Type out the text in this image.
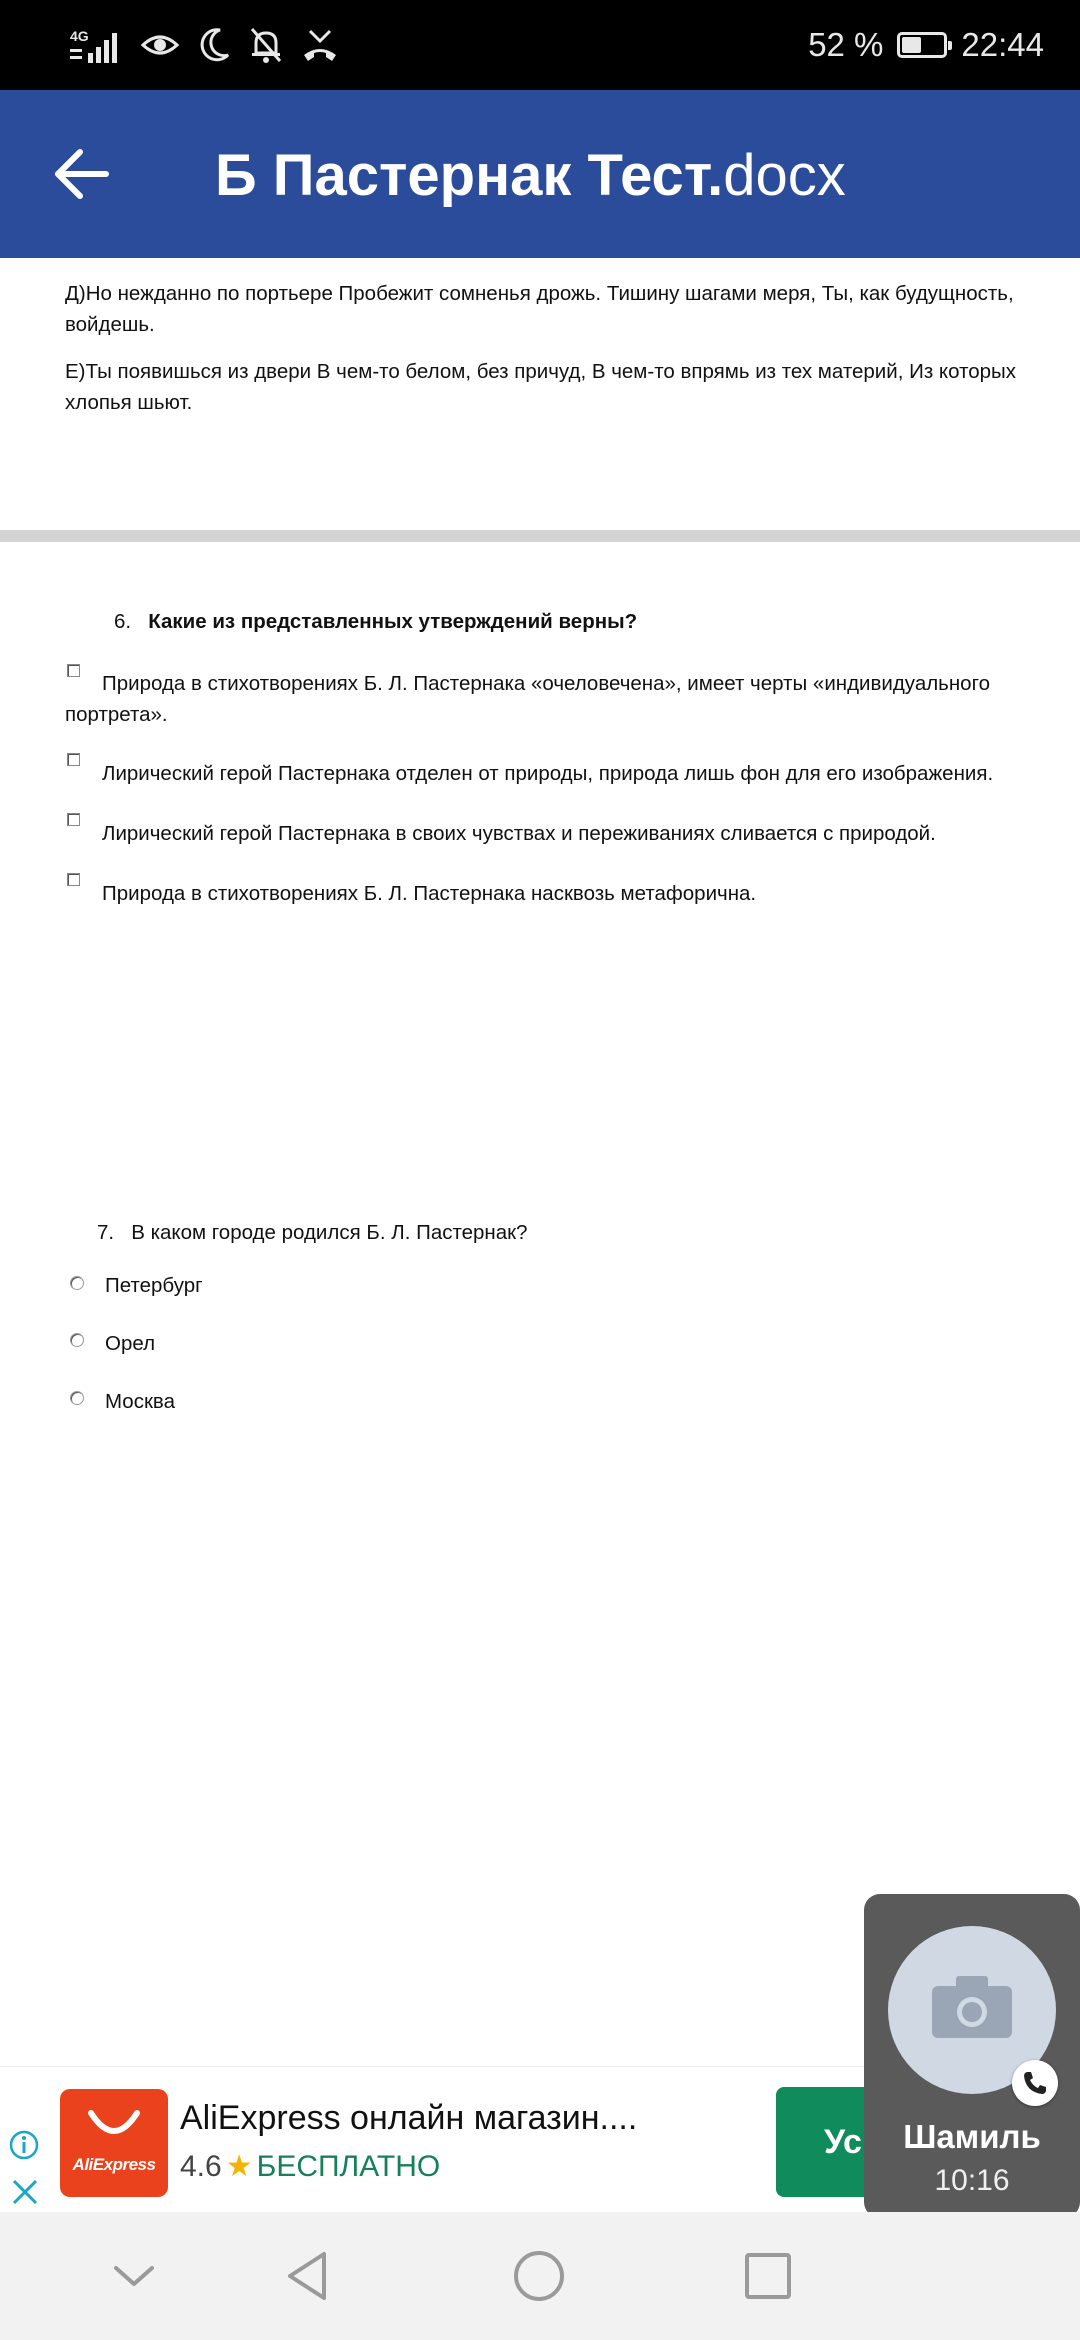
4G	52 % 22:44
Б Пастернак Тест.docx
Д)Но нежданно по портьере Пробежит сомненья дрожь. Тишину шагами меря, Ты, как будущность, войдешь.
Е)Ты появишься из двери В чем-то белом, без причуд, В чем-то впрямь из тех материй, Из которых хлопья шьют.
6. Какие из представленных утверждений верны?
Природа в стихотворениях Б. Л. Пастернака «очеловечена», имеет черты «индивидуального портрета».
Лирический герой Пастернака отделен от природы, природа лишь фон для его изображения.
Лирический герой Пастернака в своих чувствах и переживаниях сливается с природой.
Природа в стихотворениях Б. Л. Пастернака насквозь метафорична.
7. В каком городе родился Б. Л. Пастернак?
Петербург
Орел
Москва
AliExpress
AliExpress онлайн магазин....
4.6 ★ БЕСПЛАТНО
Ус	Шамиль
10:16
